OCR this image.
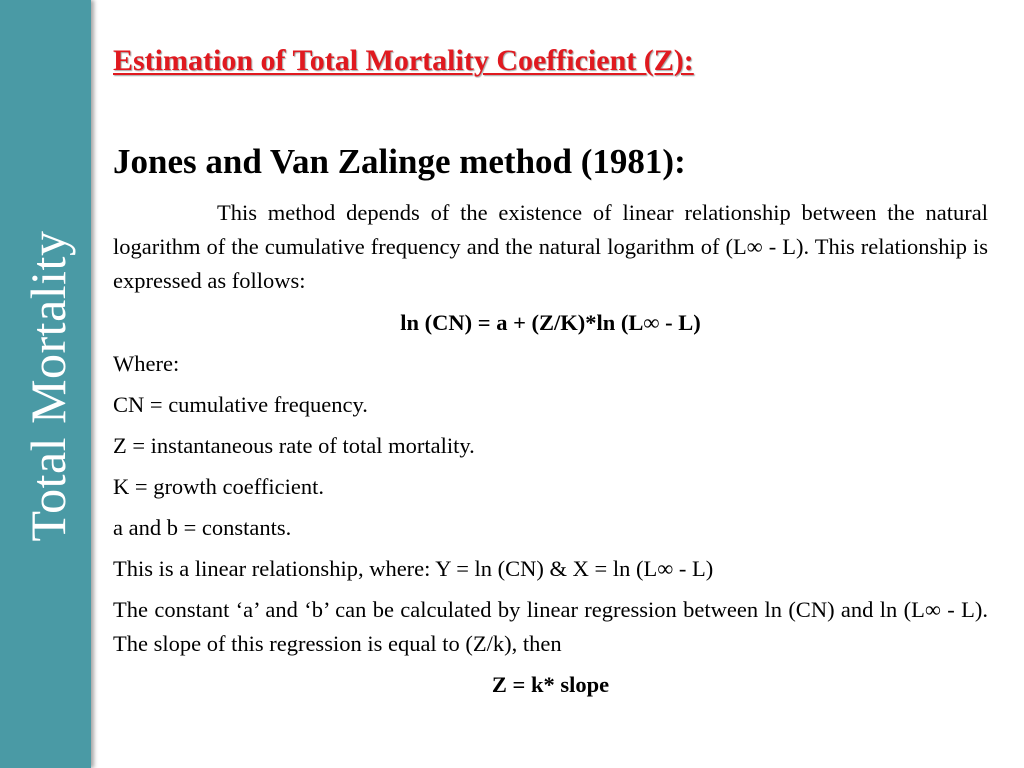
Total Mortality
Estimation of Total Mortality Coefficient (Z):
Jones and Van Zalinge method (1981):

This method depends of the existence of linear relationship between the natural logarithm of the cumulative frequency and the natural logarithm of (L∞ - L). This relationship is expressed as follows:

ln (CN) = a + (Z/K)*ln (L∞ - L)

Where:

CN = cumulative frequency.

Z = instantaneous rate of total mortality.

K = growth coefficient.

a and b = constants.

This is a linear relationship, where: Y = ln (CN) & X = ln (L∞ - L)

The constant ‘a’ and ‘b’ can be calculated by linear regression between ln (CN) and ln (L∞ - L). The slope of this regression is equal to (Z/k), then

Z = k* slope
